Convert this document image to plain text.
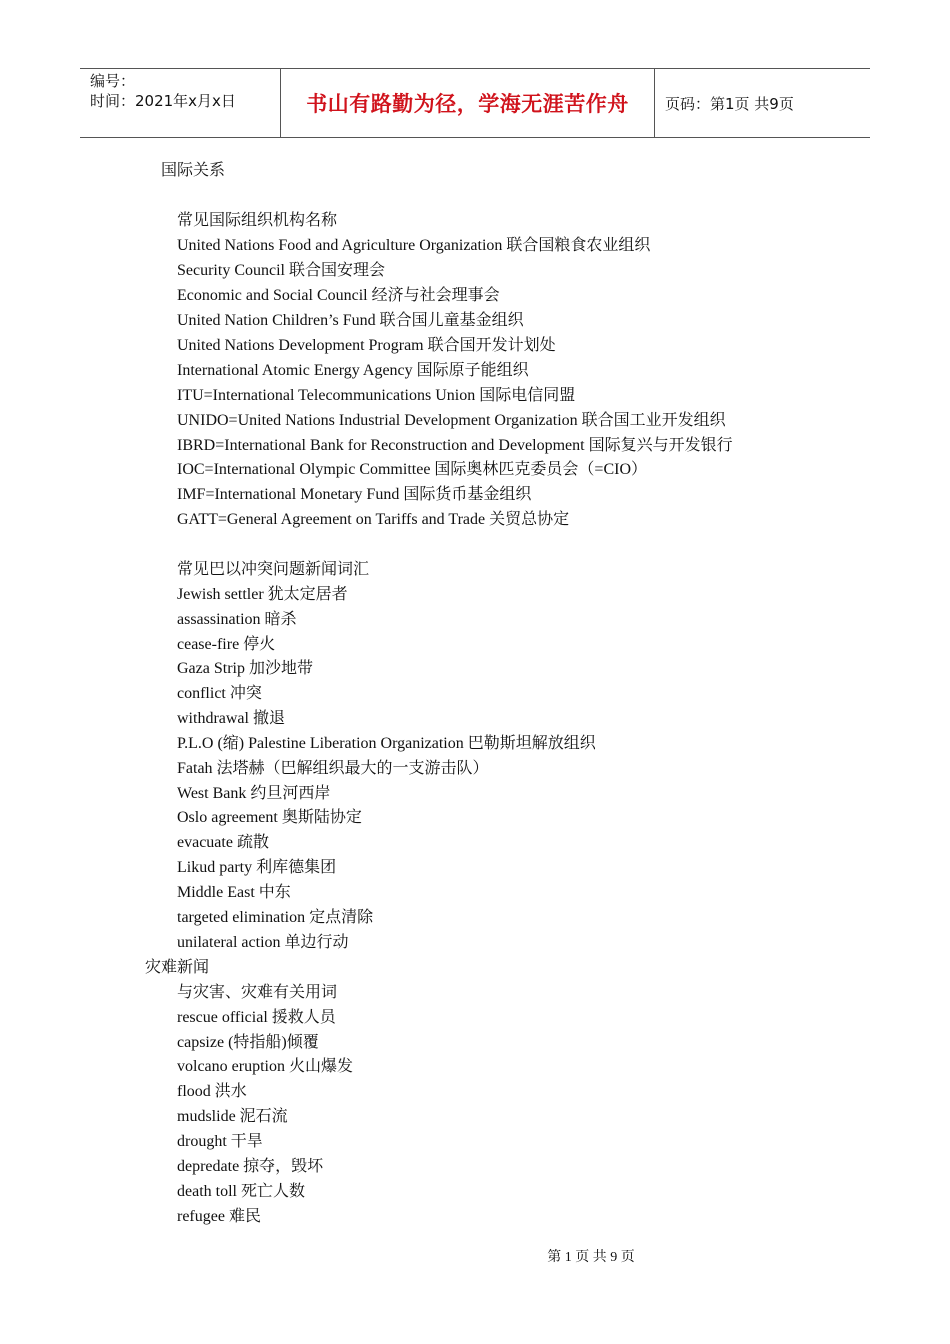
编号：
时间：2021年x月x日	书山有路勤为径，学海无涯苦作舟	页码：第1页 共9页
国际关系
常见国际组织机构名称
United Nations Food and Agriculture Organization 联合国粮食农业组织
Security Council 联合国安理会
Economic and Social Council 经济与社会理事会
United Nation Children’s Fund 联合国儿童基金组织
United Nations Development Program 联合国开发计划处
International Atomic Energy Agency 国际原子能组织
ITU=International Telecommunications Union 国际电信同盟
UNIDO=United Nations Industrial Development Organization 联合国工业开发组织
IBRD=International Bank for Reconstruction and Development 国际复兴与开发银行
IOC=International Olympic Committee 国际奥林匹克委员会（=CIO）
IMF=International Monetary Fund 国际货币基金组织
GATT=General Agreement on Tariffs and Trade 关贸总协定
常见巴以冲突问题新闻词汇
Jewish settler 犹太定居者
assassination 暗杀
cease-fire 停火
Gaza Strip 加沙地带
conflict 冲突
withdrawal 撤退
P.L.O (缩) Palestine Liberation Organization 巴勒斯坦解放组织
Fatah 法塔赫（巴解组织最大的一支游击队）
West Bank 约旦河西岸
Oslo agreement 奥斯陆协定
evacuate 疏散
Likud party 利库德集团
Middle East 中东
targeted elimination 定点清除
unilateral action 单边行动
灾难新闻
与灾害、灾难有关用词
rescue official 援救人员
capsize (特指船)倾覆
volcano eruption 火山爆发
flood 洪水
mudslide 泥石流
drought 干旱
depredate 掠夺，毁坏
death toll 死亡人数
refugee 难民
第 1 页 共 9 页
